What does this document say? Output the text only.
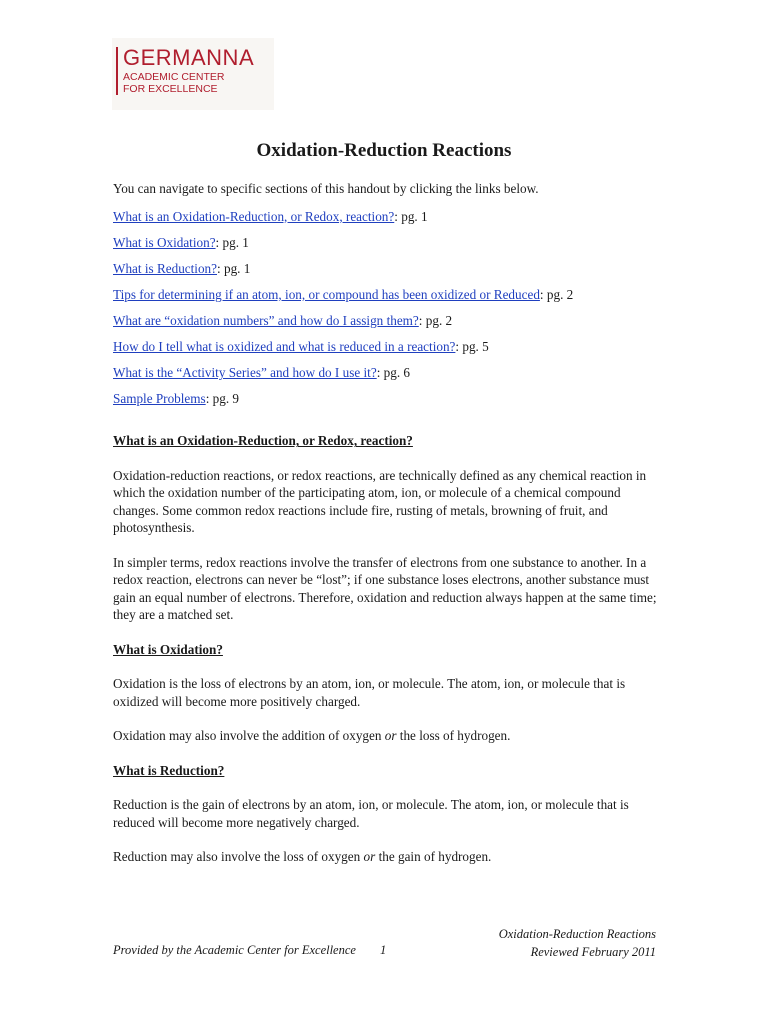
GERMANNA
ACADEMIC CENTER
FOR EXCELLENCE
Oxidation-Reduction Reactions

You can navigate to specific sections of this handout by clicking the links below.

What is an Oxidation-Reduction, or Redox, reaction?: pg. 1

What is Oxidation?: pg. 1

What is Reduction?: pg. 1

Tips for determining if an atom, ion, or compound has been oxidized or Reduced: pg. 2

What are “oxidation numbers” and how do I assign them?: pg. 2

How do I tell what is oxidized and what is reduced in a reaction?: pg. 5

What is the “Activity Series” and how do I use it?: pg. 6

Sample Problems: pg. 9

What is an Oxidation-Reduction, or Redox, reaction?

Oxidation-reduction reactions, or redox reactions, are technically defined as any chemical reaction in which the oxidation number of the participating atom, ion, or molecule of a chemical compound changes. Some common redox reactions include fire, rusting of metals, browning of fruit, and photosynthesis.

In simpler terms, redox reactions involve the transfer of electrons from one substance to another. In a redox reaction, electrons can never be “lost”; if one substance loses electrons, another substance must gain an equal number of electrons. Therefore, oxidation and reduction always happen at the same time; they are a matched set.

What is Oxidation?

Oxidation is the loss of electrons by an atom, ion, or molecule. The atom, ion, or molecule that is oxidized will become more positively charged.

Oxidation may also involve the addition of oxygen or the loss of hydrogen.

What is Reduction?

Reduction is the gain of electrons by an atom, ion, or molecule. The atom, ion, or molecule that is reduced will become more negatively charged.

Reduction may also involve the loss of oxygen or the gain of hydrogen.

Provided by the Academic Center for Excellence 1
Oxidation-Reduction Reactions
Reviewed February 2011
